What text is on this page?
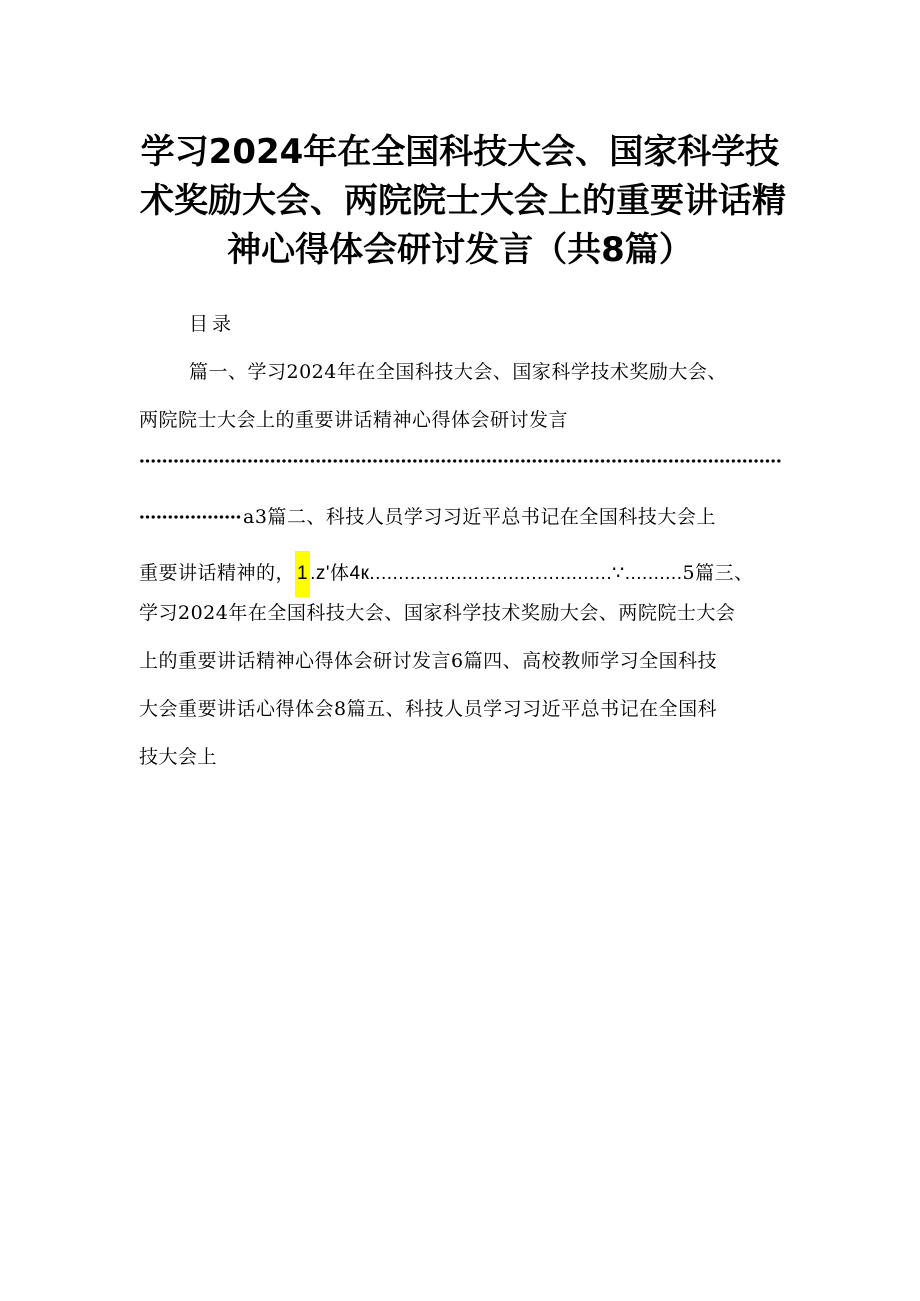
学习2024年在全国科技大会、国家科学技
术奖励大会、两院院士大会上的重要讲话精
神心得体会研讨发言（共8篇）
目录
篇一、学习2024年在全国科技大会、国家科学技术奖励大会、
两院院士大会上的重要讲话精神心得体会研讨发言
a3篇二、科技人员学习习近平总书记在全国科技大会上
重要讲话精神的， 1 .z'体4к..........................................∵..........5篇三、
学习2024年在全国科技大会、国家科学技术奖励大会、两院院士大会
上的重要讲话精神心得体会研讨发言6篇四、高校教师学习全国科技
大会重要讲话心得体会8篇五、科技人员学习习近平总书记在全国科
技大会上
